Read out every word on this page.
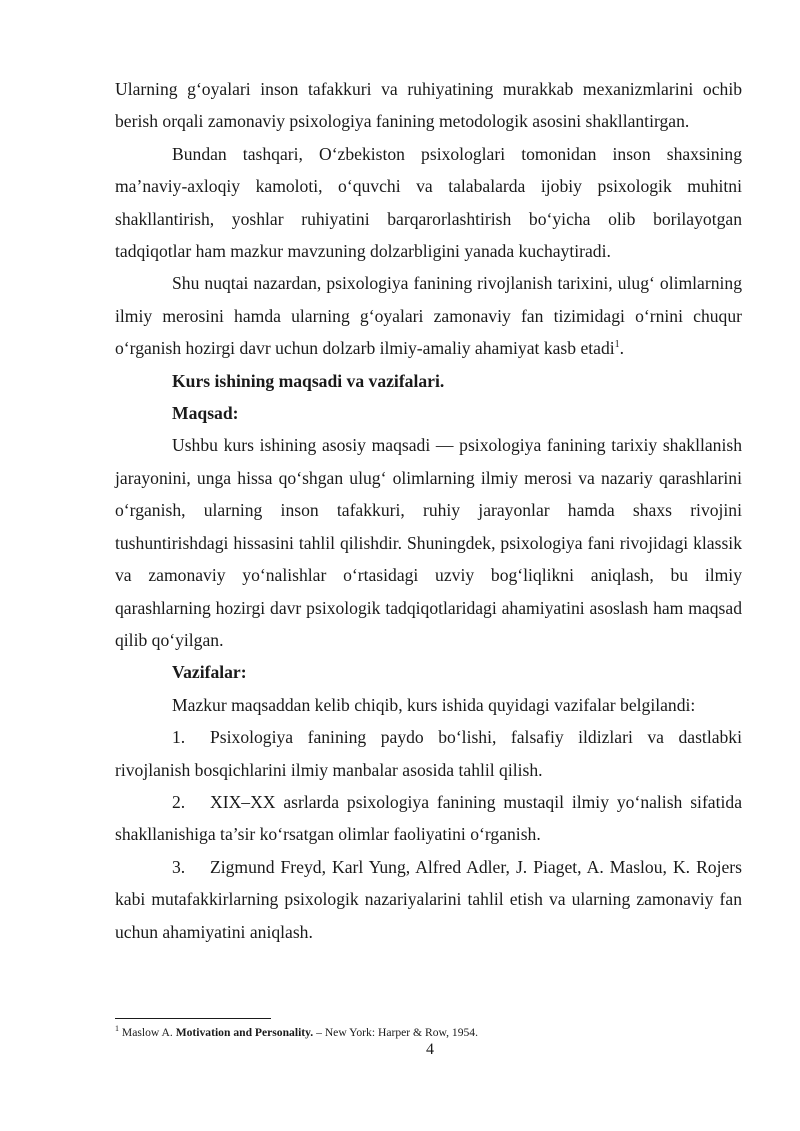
Ularning g‘oyalari inson tafakkuri va ruhiyatining murakkab mexanizmlarini ochib berish orqali zamonaviy psixologiya fanining metodologik asosini shakllantirgan.

Bundan tashqari, O‘zbekiston psixologlari tomonidan inson shaxsining ma’naviy-axloqiy kamoloti, o‘quvchi va talabalarda ijobiy psixologik muhitni shakllantirish, yoshlar ruhiyatini barqarorlashtirish bo‘yicha olib borilayotgan tadqiqotlar ham mazkur mavzuning dolzarbligini yanada kuchaytiradi.

Shu nuqtai nazardan, psixologiya fanining rivojlanish tarixini, ulug‘ olimlarning ilmiy merosini hamda ularning g‘oyalari zamonaviy fan tizimidagi o‘rnini chuqur o‘rganish hozirgi davr uchun dolzarb ilmiy-amaliy ahamiyat kasb etadi$^1$.

Kurs ishining maqsadi va vazifalari.

Maqsad:

Ushbu kurs ishining asosiy maqsadi — psixologiya fanining tarixiy shakllanish jarayonini, unga hissa qo‘shgan ulug‘ olimlarning ilmiy merosi va nazariy qarashlarini o‘rganish, ularning inson tafakkuri, ruhiy jarayonlar hamda shaxs rivojini tushuntirishdagi hissasini tahlil qilishdir. Shuningdek, psixologiya fani rivojidagi klassik va zamonaviy yo‘nalishlar o‘rtasidagi uzviy bog‘liqlikni aniqlash, bu ilmiy qarashlarning hozirgi davr psixologik tadqiqotlaridagi ahamiyatini asoslash ham maqsad qilib qo‘yilgan.

Vazifalar:

Mazkur maqsaddan kelib chiqib, kurs ishida quyidagi vazifalar belgilandi:

1. Psixologiya fanining paydo bo‘lishi, falsafiy ildizlari va dastlabki rivojlanish bosqichlarini ilmiy manbalar asosida tahlil qilish.

2. XIX–XX asrlarda psixologiya fanining mustaqil ilmiy yo‘nalish sifatida shakllanishiga ta’sir ko‘rsatgan olimlar faoliyatini o‘rganish.

3. Zigmund Freyd, Karl Yung, Alfred Adler, J. Piaget, A. Maslou, K. Rojers kabi mutafakkirlarning psixologik nazariyalarini tahlil etish va ularning zamonaviy fan uchun ahamiyatini aniqlash.

$^1$ Maslow A. Motivation and Personality. – New York: Harper & Row, 1954.
4
